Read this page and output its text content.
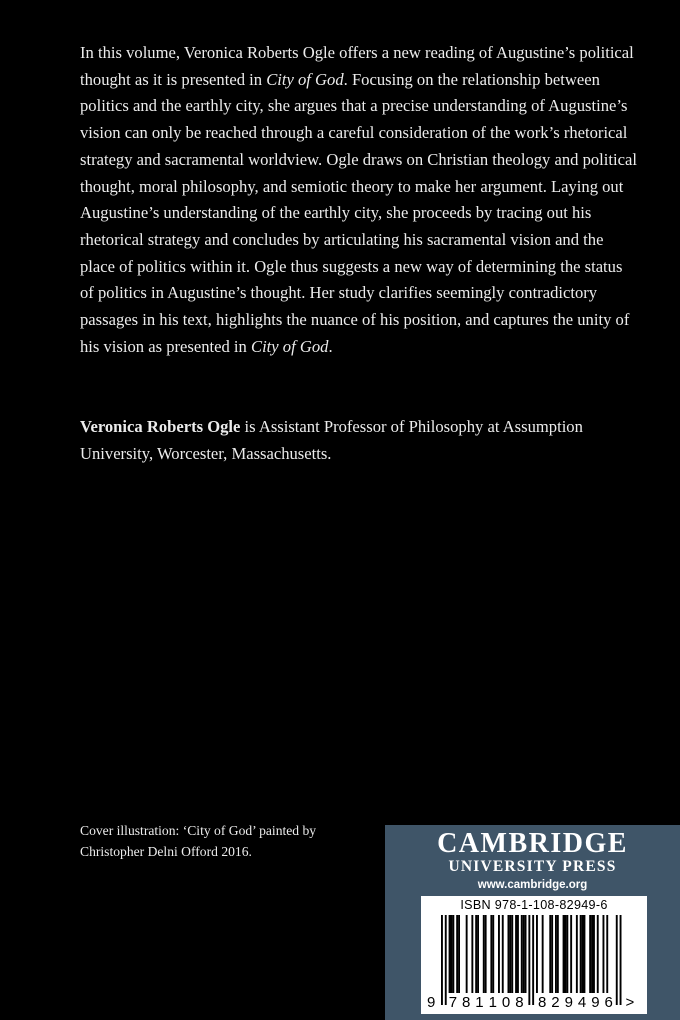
In this volume, Veronica Roberts Ogle offers a new reading of Augustine’s political thought as it is presented in City of God. Focusing on the relationship between politics and the earthly city, she argues that a precise understanding of Augustine’s vision can only be reached through a careful consideration of the work’s rhetorical strategy and sacramental worldview. Ogle draws on Christian theology and political thought, moral philosophy, and semiotic theory to make her argument. Laying out Augustine’s understanding of the earthly city, she proceeds by tracing out his rhetorical strategy and concludes by articulating his sacramental vision and the place of politics within it. Ogle thus suggests a new way of determining the status of politics in Augustine’s thought. Her study clarifies seemingly contradictory passages in his text, highlights the nuance of his position, and captures the unity of his vision as presented in City of God.

Veronica Roberts Ogle is Assistant Professor of Philosophy at Assumption University, Worcester, Massachusetts.

Cover illustration: ‘City of God’ painted by Christopher Delni Offord 2016.	CAMBRIDGE
UNIVERSITY PRESS
www.cambridge.org
ISBN 978-1-108-82949-6
9 7 8 1 1 0 8 8 2 9 4 9 6 >
